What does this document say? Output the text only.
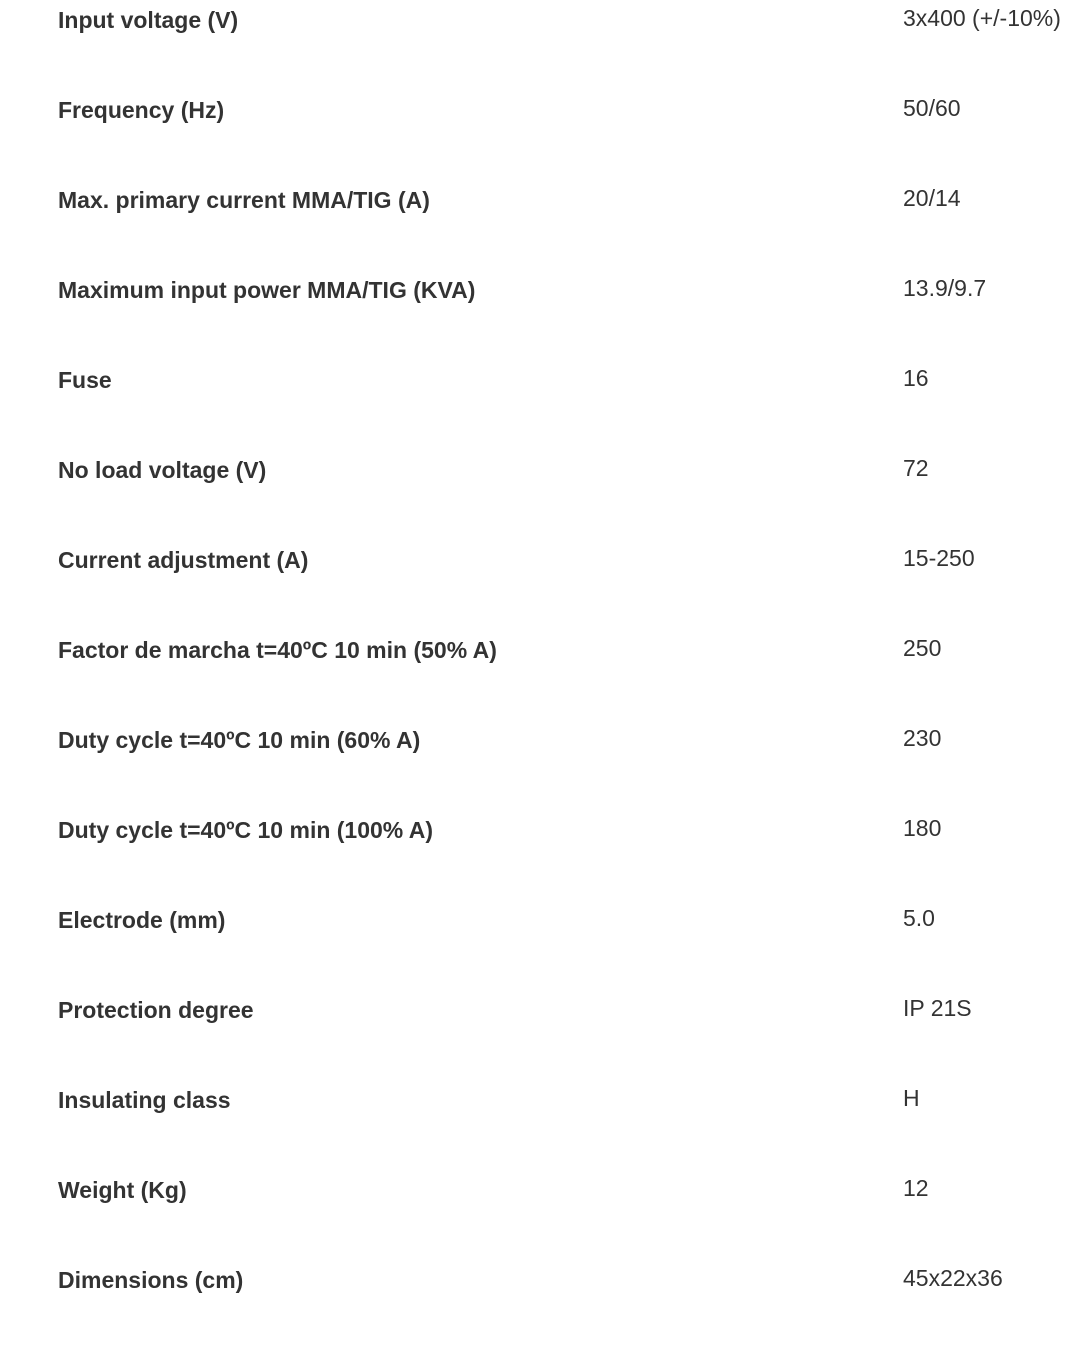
Input voltage (V)	3x400 (+/-10%)
Frequency (Hz)	50/60
Max. primary current MMA/TIG (A)	20/14
Maximum input power MMA/TIG (KVA)	13.9/9.7
Fuse	16
No load voltage (V)	72
Current adjustment (A)	15-250
Factor de marcha t=40ºC 10 min (50% A)	250
Duty cycle t=40ºC 10 min (60% A)	230
Duty cycle t=40ºC 10 min (100% A)	180
Electrode (mm)	5.0
Protection degree	IP 21S
Insulating class	H
Weight (Kg)	12
Dimensions (cm)	45x22x36
